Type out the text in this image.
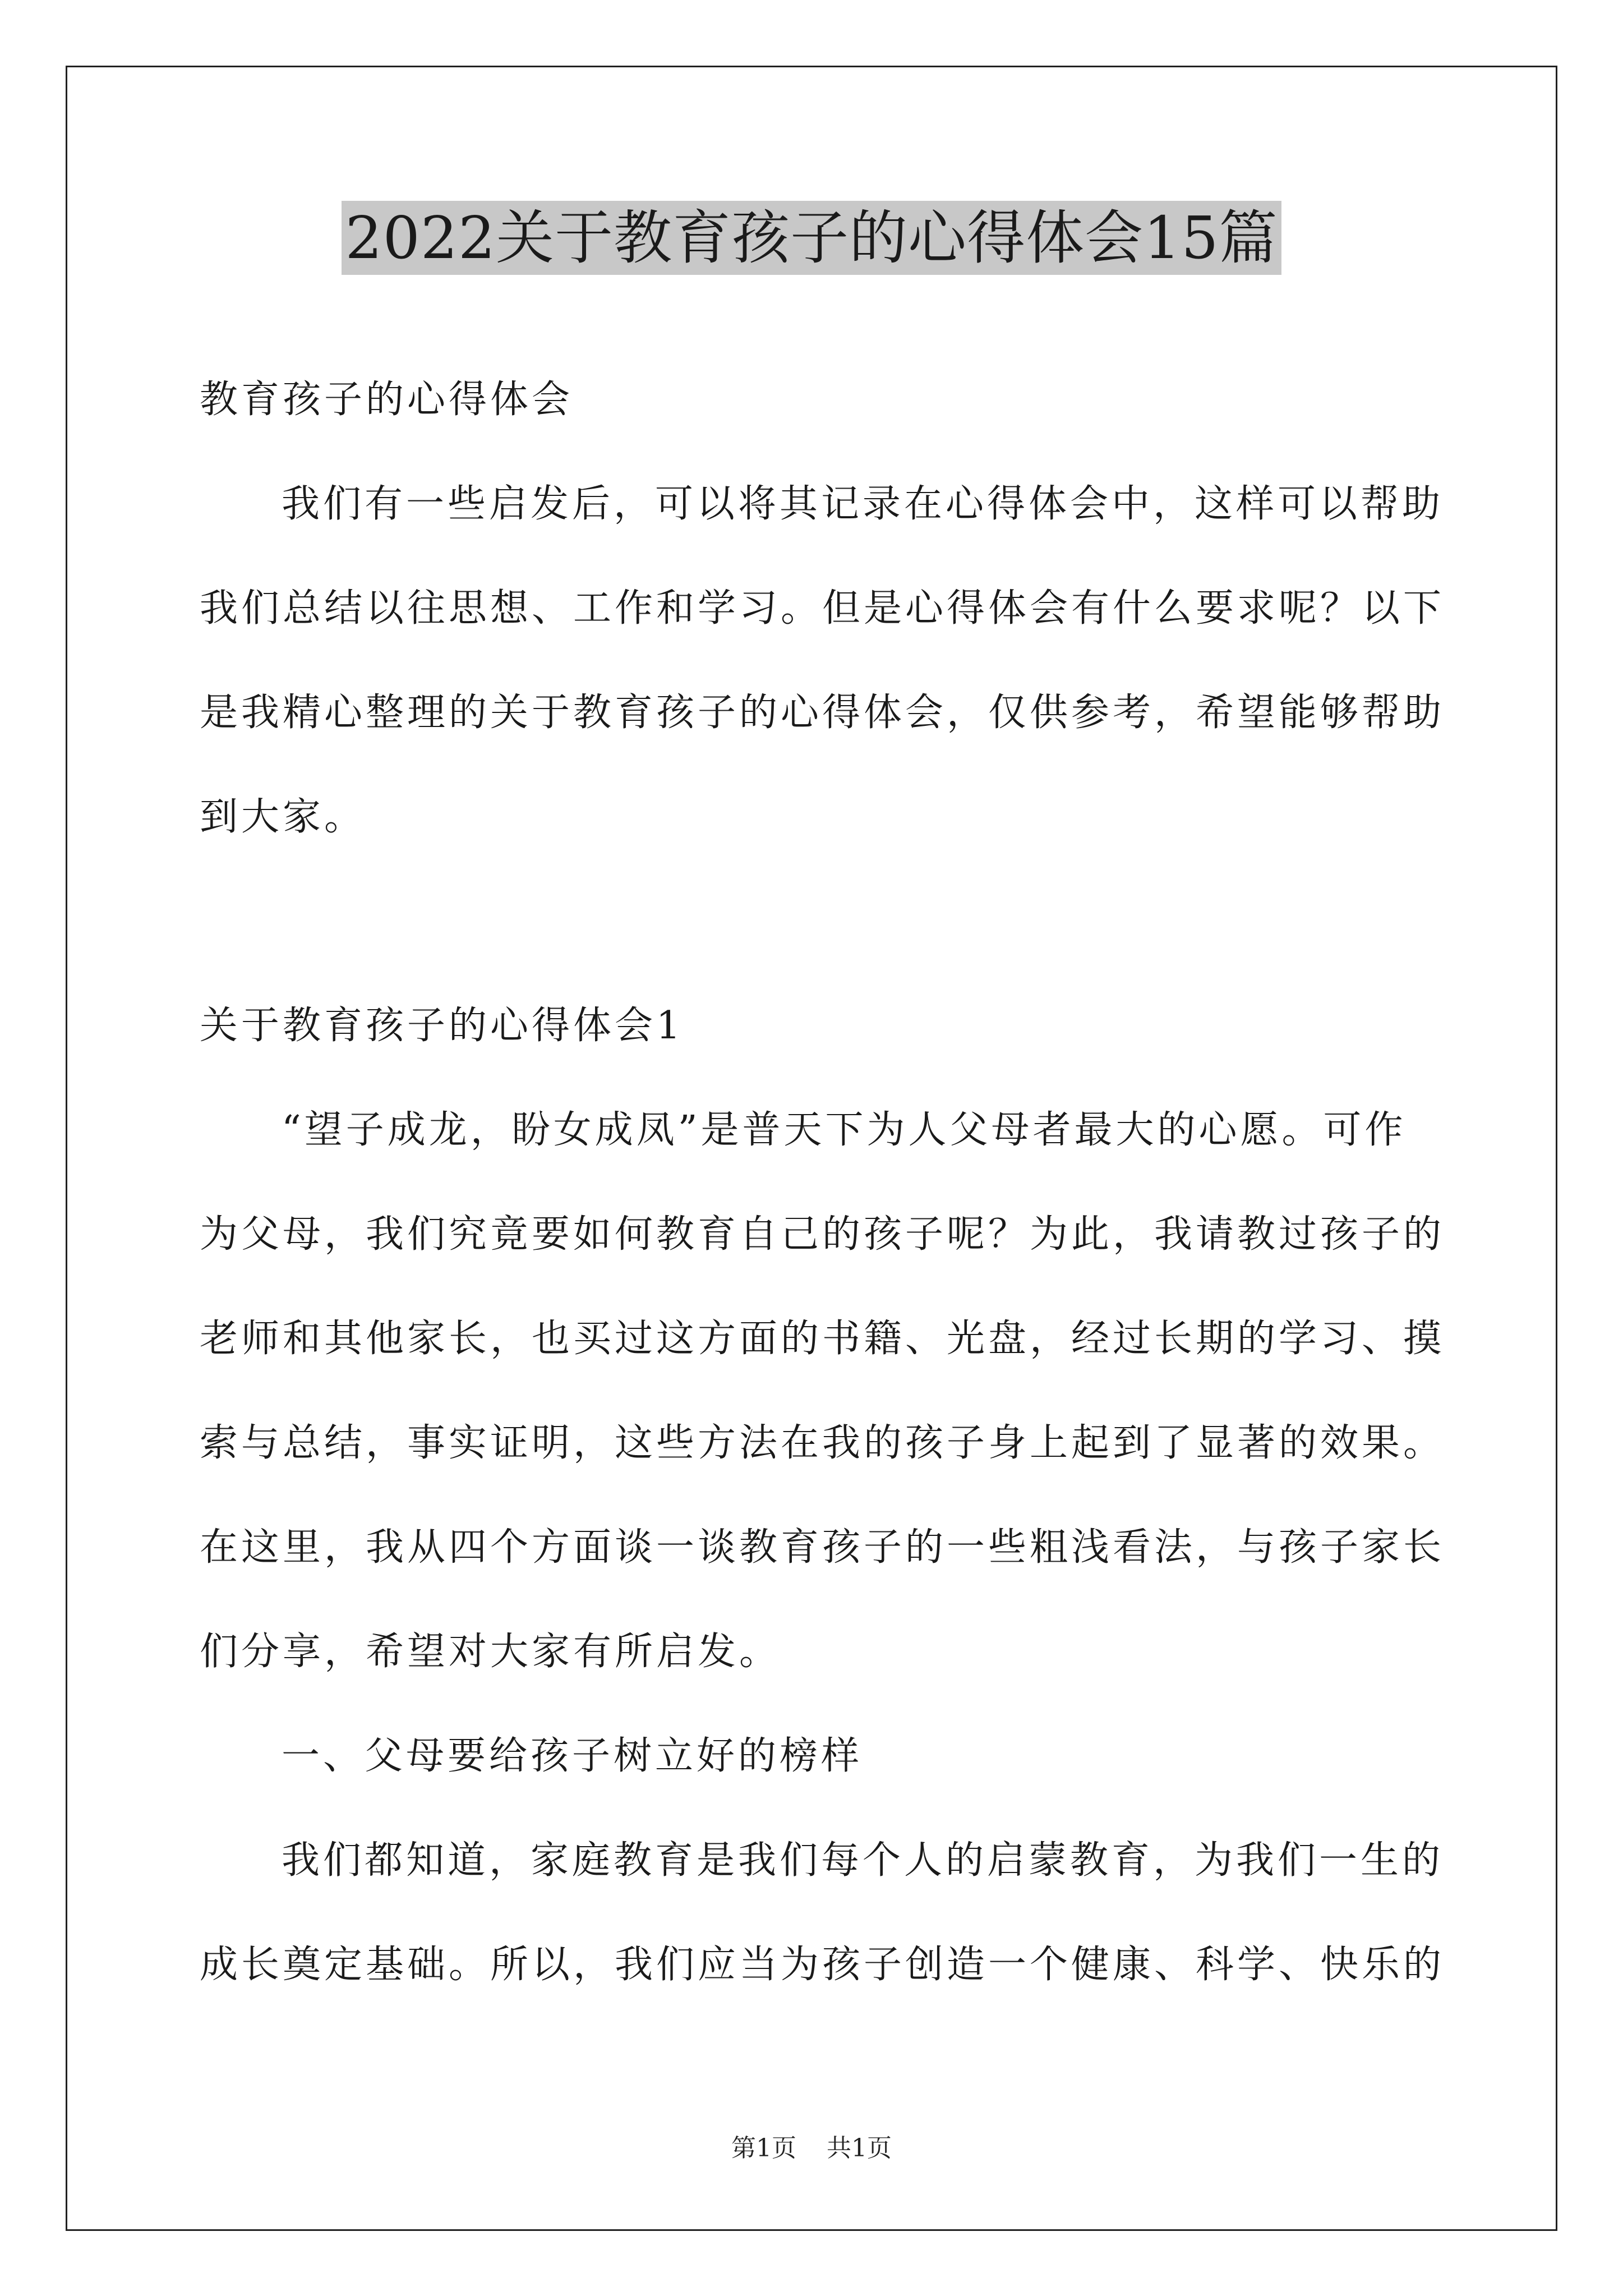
2022关于教育孩子的心得体会15篇
教育孩子的心得体会
我们有一些启发后，可以将其记录在心得体会中，这样可以帮助
我们总结以往思想、工作和学习。但是心得体会有什么要求呢？以下
是我精心整理的关于教育孩子的心得体会，仅供参考，希望能够帮助
到大家。
关于教育孩子的心得体会1
“望子成龙，盼女成凤”是普天下为人父母者最大的心愿。可作
为父母，我们究竟要如何教育自己的孩子呢？为此，我请教过孩子的
老师和其他家长，也买过这方面的书籍、光盘，经过长期的学习、摸
索与总结，事实证明，这些方法在我的孩子身上起到了显著的效果。
在这里，我从四个方面谈一谈教育孩子的一些粗浅看法，与孩子家长
们分享，希望对大家有所启发。
一、父母要给孩子树立好的榜样
我们都知道，家庭教育是我们每个人的启蒙教育，为我们一生的
成长奠定基础。所以，我们应当为孩子创造一个健康、科学、快乐的
第1页 共1页
